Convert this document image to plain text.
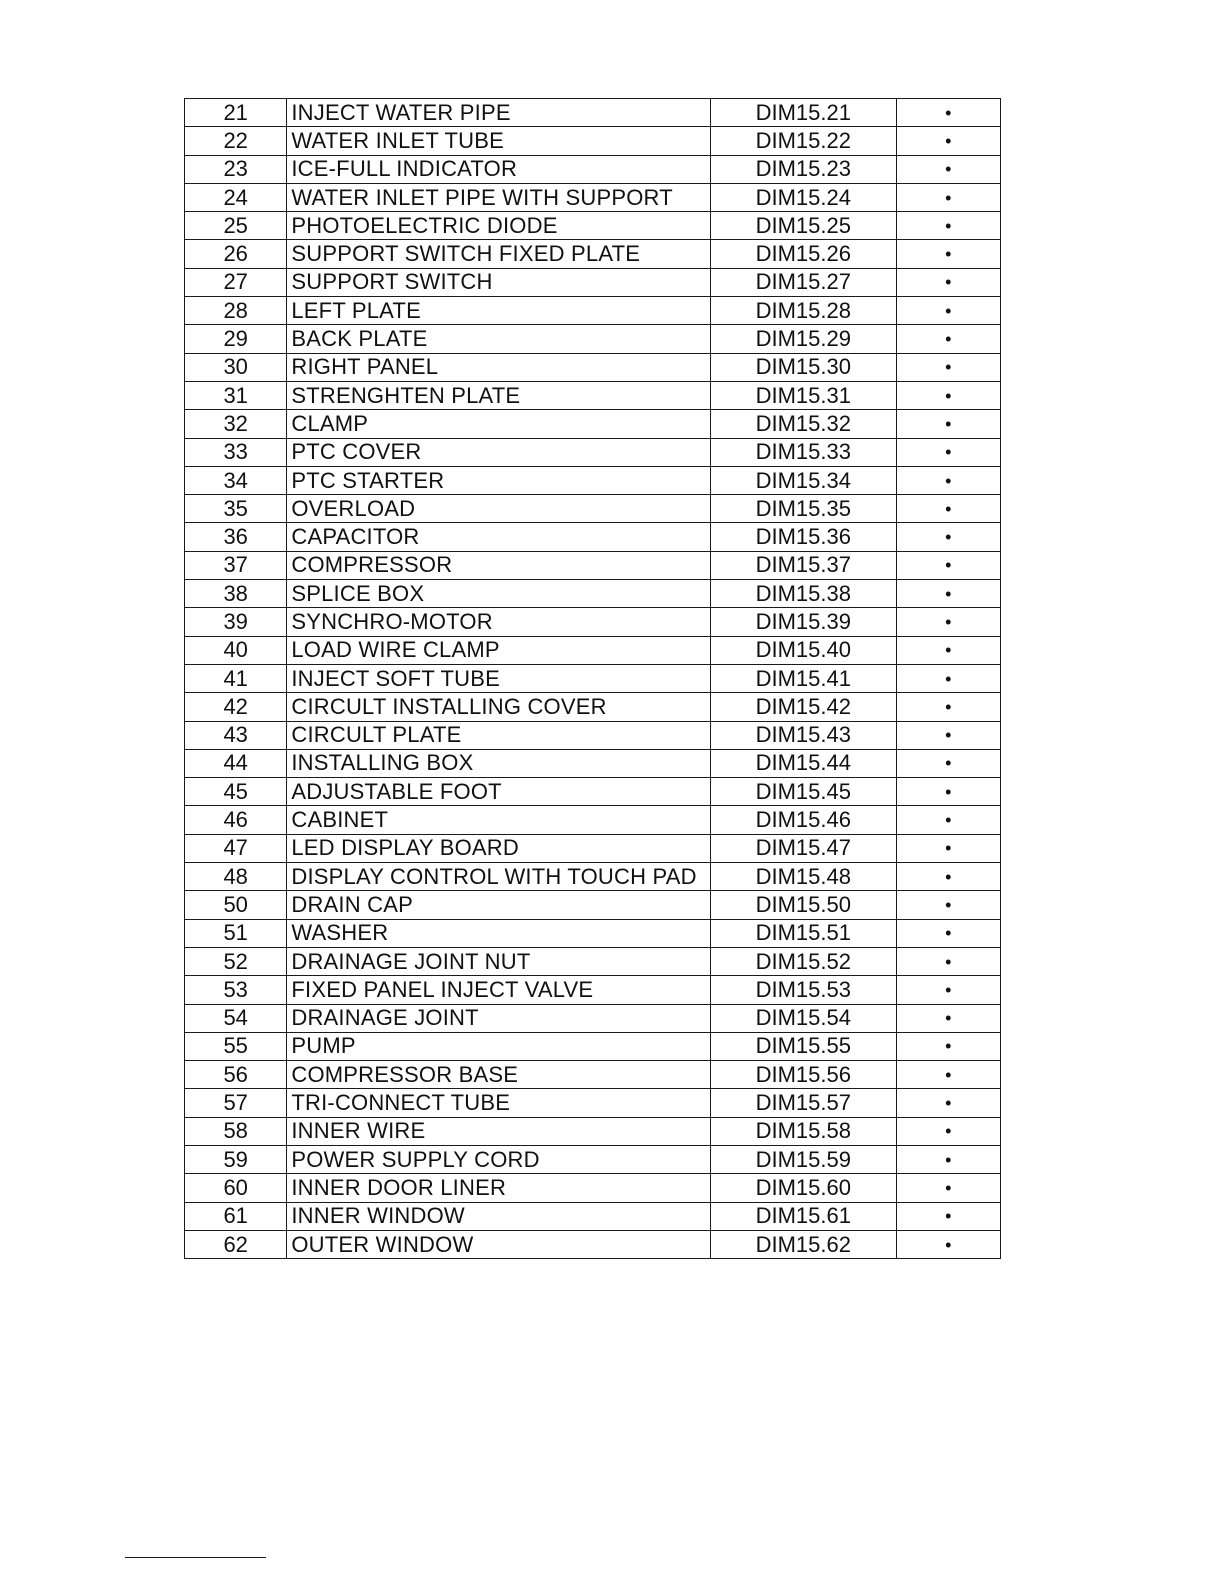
21	INJECT WATER PIPE	DIM15.21	•
22	WATER INLET TUBE	DIM15.22	•
23	ICE-FULL INDICATOR	DIM15.23	•
24	WATER INLET PIPE WITH SUPPORT	DIM15.24	•
25	PHOTOELECTRIC DIODE	DIM15.25	•
26	SUPPORT SWITCH FIXED PLATE	DIM15.26	•
27	SUPPORT SWITCH	DIM15.27	•
28	LEFT PLATE	DIM15.28	•
29	BACK PLATE	DIM15.29	•
30	RIGHT PANEL	DIM15.30	•
31	STRENGHTEN PLATE	DIM15.31	•
32	CLAMP	DIM15.32	•
33	PTC COVER	DIM15.33	•
34	PTC STARTER	DIM15.34	•
35	OVERLOAD	DIM15.35	•
36	CAPACITOR	DIM15.36	•
37	COMPRESSOR	DIM15.37	•
38	SPLICE BOX	DIM15.38	•
39	SYNCHRO-MOTOR	DIM15.39	•
40	LOAD WIRE CLAMP	DIM15.40	•
41	INJECT SOFT TUBE	DIM15.41	•
42	CIRCULT INSTALLING COVER	DIM15.42	•
43	CIRCULT PLATE	DIM15.43	•
44	INSTALLING BOX	DIM15.44	•
45	ADJUSTABLE FOOT	DIM15.45	•
46	CABINET	DIM15.46	•
47	LED DISPLAY BOARD	DIM15.47	•
48	DISPLAY CONTROL WITH TOUCH PAD	DIM15.48	•
50	DRAIN CAP	DIM15.50	•
51	WASHER	DIM15.51	•
52	DRAINAGE JOINT NUT	DIM15.52	•
53	FIXED PANEL INJECT VALVE	DIM15.53	•
54	DRAINAGE JOINT	DIM15.54	•
55	PUMP	DIM15.55	•
56	COMPRESSOR BASE	DIM15.56	•
57	TRI-CONNECT TUBE	DIM15.57	•
58	INNER WIRE	DIM15.58	•
59	POWER SUPPLY CORD	DIM15.59	•
60	INNER DOOR LINER	DIM15.60	•
61	INNER WINDOW	DIM15.61	•
62	OUTER WINDOW	DIM15.62	•
